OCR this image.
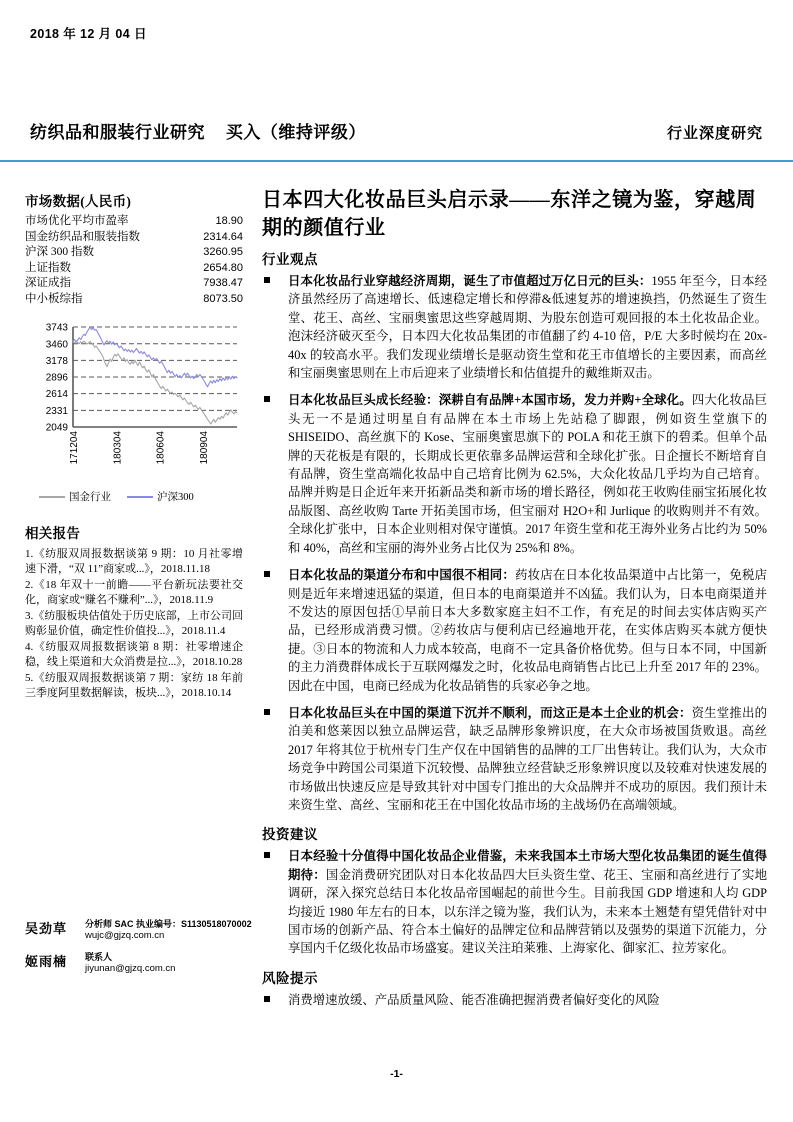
2018 年 12 月 04 日
纺织品和服装行业研究 买入（维持评级）	行业深度研究
市场数据(人民币)
市场优化平均市盈率	18.90
国金纺织品和服装指数	2314.64
沪深 300 指数	3260.95
上证指数	2654.80
深证成指	7938.47
中小板综指	8073.50
3743
3460
3178
2896
2614
2331
2049
171204	180304	180604	180904
国金行业	沪深300
相关报告
1.《纺服双周报数据谈第 9 期：10 月社零增速下滑，“双 11”商家或...》，2018.11.18
2.《18 年双十一前瞻——平台新玩法要社交化，商家或“赚名不赚利”...》，2018.11.9
3.《纺服板块估值处于历史底部，上市公司回购彰显价值，确定性价值投...》，2018.11.4
4.《纺服双周报数据谈第 8 期：社零增速企稳，线上渠道和大众消费是拉...》，2018.10.28
5.《纺服双周报数据谈第 7 期：家纺 18 年前三季度阿里数据解读，板块...》，2018.10.14
吴劲草	分析师 SAC 执业编号：S1130518070002
wujc@gjzq.com.cn
姬雨楠	联系人
jiyunan@gjzq.com.cn
日本四大化妆品巨头启示录——东洋之镜为鉴，穿越周期的颜值行业
行业观点

日本化妆品行业穿越经济周期，诞生了市值超过万亿日元的巨头：1955 年至今，日本经济虽然经历了高速增长、低速稳定增长和停滞&低速复苏的增速换挡，仍然诞生了资生堂、花王、高丝、宝丽奥蜜思这些穿越周期、为股东创造可观回报的本土化妆品企业。泡沫经济破灭至今，日本四大化妆品集团的市值翻了约 4-10 倍，P/E 大多时候均在 20x-40x 的较高水平。我们发现业绩增长是驱动资生堂和花王市值增长的主要因素，而高丝和宝丽奥蜜思则在上市后迎来了业绩增长和估值提升的戴维斯双击。

日本化妆品巨头成长经验：深耕自有品牌+本国市场，发力并购+全球化。四大化妆品巨头无一不是通过明星自有品牌在本土市场上先站稳了脚跟，例如资生堂旗下的 SHISEIDO、高丝旗下的 Kose、宝丽奥蜜思旗下的 POLA 和花王旗下的碧柔。但单个品牌的天花板是有限的，长期成长更依靠多品牌运营和全球化扩张。日企擅长不断培育自有品牌，资生堂高端化妆品中自己培育比例为 62.5%，大众化妆品几乎均为自己培育。品牌并购是日企近年来开拓新品类和新市场的增长路径，例如花王收购佳丽宝拓展化妆品版图、高丝收购 Tarte 开拓美国市场，但宝丽对 H2O+和 Jurlique 的收购则并不有效。全球化扩张中，日本企业则相对保守谨慎。2017 年资生堂和花王海外业务占比约为 50%和 40%，高丝和宝丽的海外业务占比仅为 25%和 8%。

日本化妆品的渠道分布和中国很不相同：药妆店在日本化妆品渠道中占比第一，免税店则是近年来增速迅猛的渠道，但日本的电商渠道并不凶猛。我们认为，日本电商渠道并不发达的原因包括①早前日本大多数家庭主妇不工作，有充足的时间去实体店购买产品，已经形成消费习惯。②药妆店与便利店已经遍地开花，在实体店购买本就方便快捷。③日本的物流和人力成本较高，电商不一定具备价格优势。但与日本不同，中国新的主力消费群体成长于互联网爆发之时，化妆品电商销售占比已上升至 2017 年的 23%。因此在中国，电商已经成为化妆品销售的兵家必争之地。

日本化妆品巨头在中国的渠道下沉并不顺利，而这正是本土企业的机会：资生堂推出的泊美和悠莱因以独立品牌运营，缺乏品牌形象辨识度，在大众市场被国货败退。高丝 2017 年将其位于杭州专门生产仅在中国销售的品牌的工厂出售转让。我们认为，大众市场竞争中跨国公司渠道下沉较慢、品牌独立经营缺乏形象辨识度以及较难对快速发展的市场做出快速反应是导致其针对中国专门推出的大众品牌并不成功的原因。我们预计未来资生堂、高丝、宝丽和花王在中国化妆品市场的主战场仍在高端领域。

投资建议

日本经验十分值得中国化妆品企业借鉴，未来我国本土市场大型化妆品集团的诞生值得期待：国金消费研究团队对日本化妆品四大巨头资生堂、花王、宝丽和高丝进行了实地调研，深入探究总结日本化妆品帝国崛起的前世今生。目前我国 GDP 增速和人均 GDP 均接近 1980 年左右的日本，以东洋之镜为鉴，我们认为，未来本土翘楚有望凭借针对中国市场的创新产品、符合本土偏好的品牌定位和品牌营销以及强势的渠道下沉能力，分享国内千亿级化妆品市场盛宴。建议关注珀莱雅、上海家化、御家汇、拉芳家化。

风险提示

消费增速放缓、产品质量风险、能否准确把握消费者偏好变化的风险

-1-
